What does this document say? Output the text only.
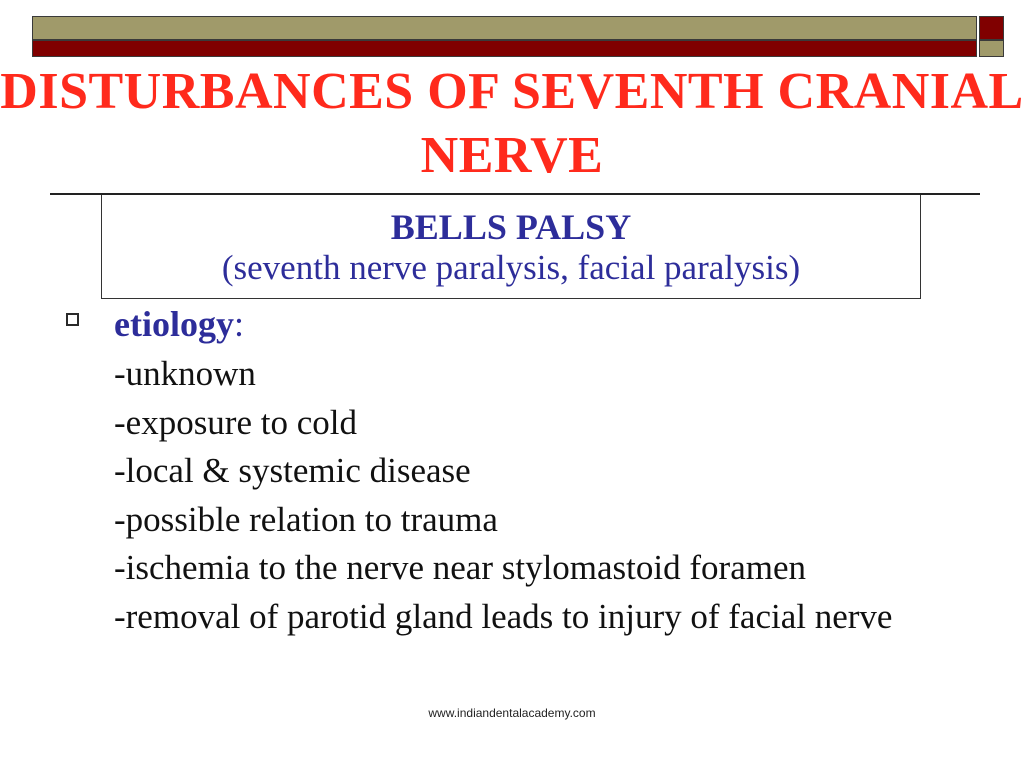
DISTURBANCES OF SEVENTH CRANIAL NERVE
BELLS PALSY
(seventh nerve paralysis, facial paralysis)
etiology:
-unknown
-exposure to cold
-local & systemic disease
-possible relation to trauma
-ischemia to the nerve near stylomastoid foramen
-removal of parotid gland leads to injury of facial nerve
www.indiandentalacademy.com
